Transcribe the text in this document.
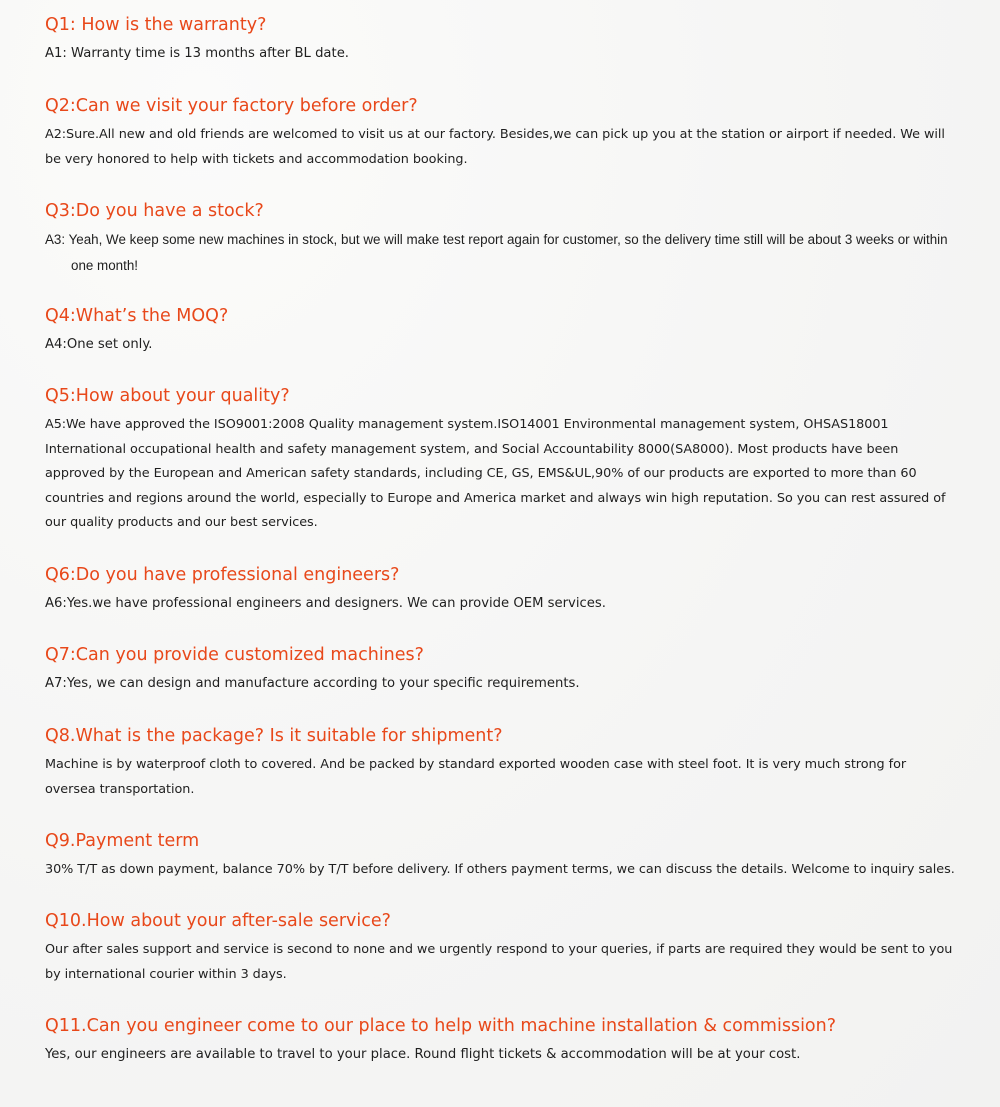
Q1: How is the warranty?

A1: Warranty time is 13 months after BL date.

Q2:Can we visit your factory before order?

A2:Sure.All new and old friends are welcomed to visit us at our factory. Besides,we can pick up you at the station or airport if needed. We will be very honored to help with tickets and accommodation booking.

Q3:Do you have a stock?

A3: Yeah, We keep some new machines in stock, but we will make test report again for customer, so the delivery time still will be about 3 weeks or within one month!

Q4:What’s the MOQ?

A4:One set only.

Q5:How about your quality?

A5:We have approved the ISO9001:2008 Quality management system.ISO14001 Environmental management system, OHSAS18001 International occupational health and safety management system, and Social Accountability 8000(SA8000). Most products have been approved by the European and American safety standards, including CE, GS, EMS&UL,90% of our products are exported to more than 60 countries and regions around the world, especially to Europe and America market and always win high reputation. So you can rest assured of our quality products and our best services.

Q6:Do you have professional engineers?

A6:Yes.we have professional engineers and designers. We can provide OEM services.

Q7:Can you provide customized machines?

A7:Yes, we can design and manufacture according to your specific requirements.

Q8.What is the package? Is it suitable for shipment?

Machine is by waterproof cloth to covered. And be packed by standard exported wooden case with steel foot. It is very much strong for oversea transportation.

Q9.Payment term

30% T/T as down payment, balance 70% by T/T before delivery. If others payment terms, we can discuss the details. Welcome to inquiry sales.

Q10.How about your after-sale service?

Our after sales support and service is second to none and we urgently respond to your queries, if parts are required they would be sent to you by international courier within 3 days.

Q11.Can you engineer come to our place to help with machine installation & commission?

Yes, our engineers are available to travel to your place. Round flight tickets & accommodation will be at your cost.
